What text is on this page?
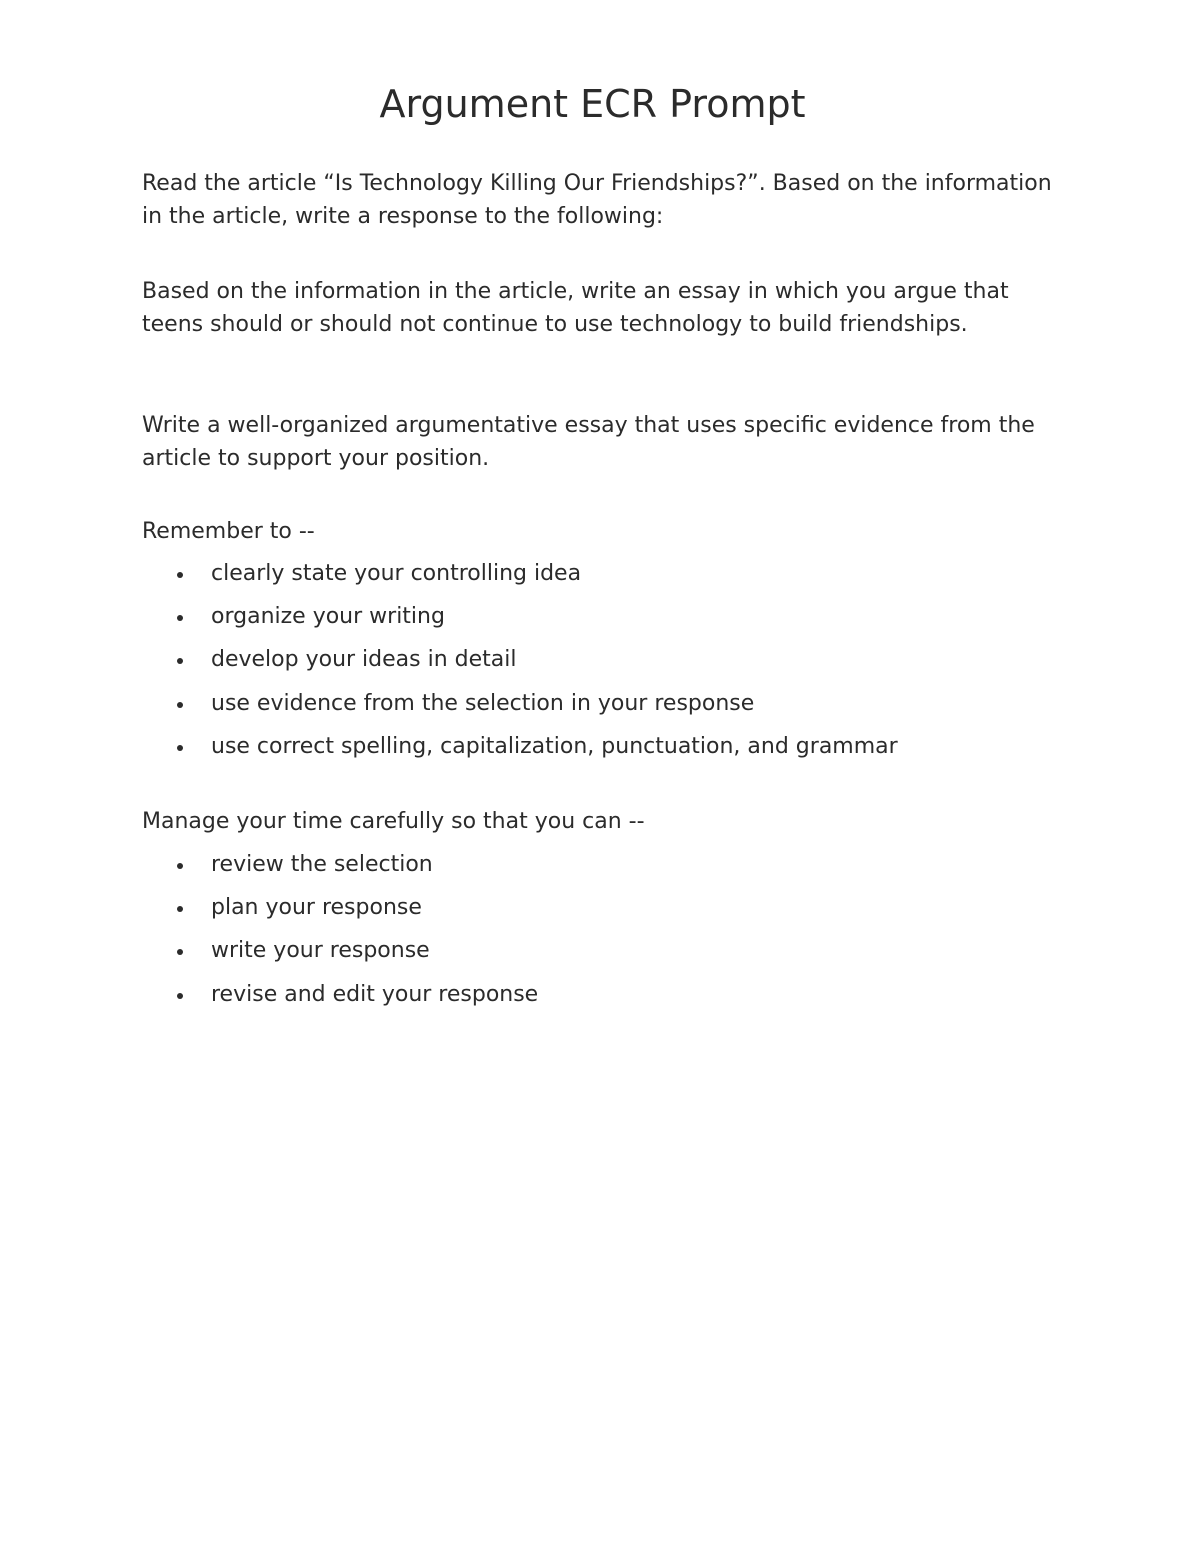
Argument ECR Prompt

Read the article “Is Technology Killing Our Friendships?”. Based on the information in the article, write a response to the following:

Based on the information in the article, write an essay in which you argue that teens should or should not continue to use technology to build friendships.

Write a well-organized argumentative essay that uses specific evidence from the article to support your position.

Remember to --

clearly state your controlling idea
organize your writing
develop your ideas in detail
use evidence from the selection in your response
use correct spelling, capitalization, punctuation, and grammar

Manage your time carefully so that you can --

review the selection
plan your response
write your response
revise and edit your response
